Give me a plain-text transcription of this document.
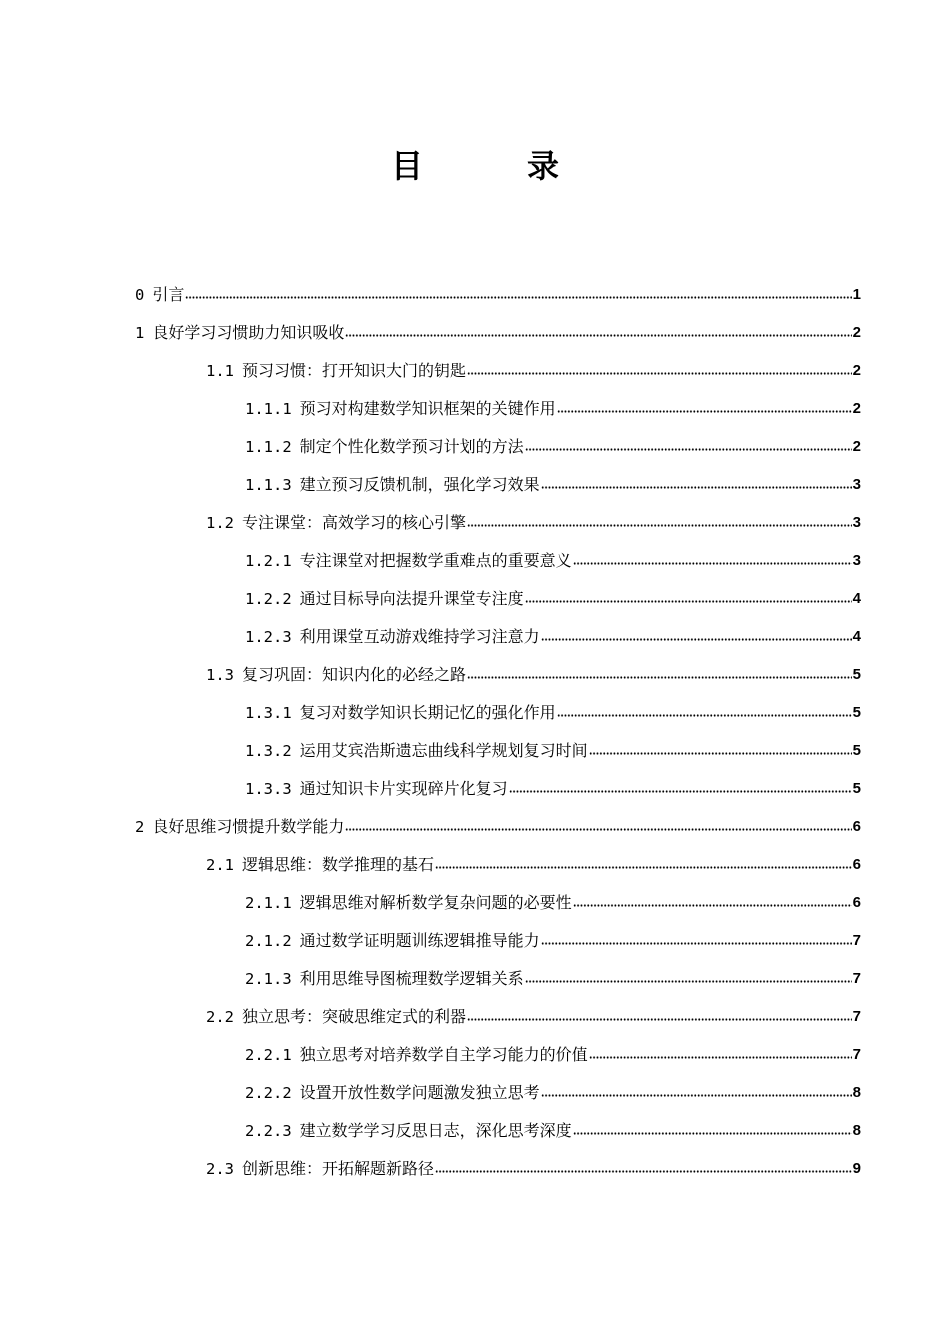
目　录
0 引言	1
1 良好学习习惯助力知识吸收	2
1.1 预习习惯：打开知识大门的钥匙	2
1.1.1 预习对构建数学知识框架的关键作用	2
1.1.2 制定个性化数学预习计划的方法	2
1.1.3 建立预习反馈机制，强化学习效果	3
1.2 专注课堂：高效学习的核心引擎	3
1.2.1 专注课堂对把握数学重难点的重要意义	3
1.2.2 通过目标导向法提升课堂专注度	4
1.2.3 利用课堂互动游戏维持学习注意力	4
1.3 复习巩固：知识内化的必经之路	5
1.3.1 复习对数学知识长期记忆的强化作用	5
1.3.2 运用艾宾浩斯遗忘曲线科学规划复习时间	5
1.3.3 通过知识卡片实现碎片化复习	5
2 良好思维习惯提升数学能力	6
2.1 逻辑思维：数学推理的基石	6
2.1.1 逻辑思维对解析数学复杂问题的必要性	6
2.1.2 通过数学证明题训练逻辑推导能力	7
2.1.3 利用思维导图梳理数学逻辑关系	7
2.2 独立思考：突破思维定式的利器	7
2.2.1 独立思考对培养数学自主学习能力的价值	7
2.2.2 设置开放性数学问题激发独立思考	8
2.2.3 建立数学学习反思日志，深化思考深度	8
2.3 创新思维：开拓解题新路径	9
